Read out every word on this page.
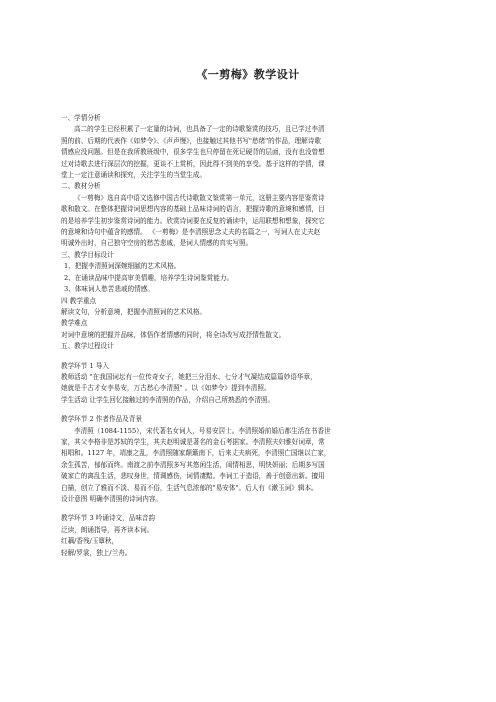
《一剪梅》教学设计

一、学情分析

高二的学生已经积累了一定量的诗词，也具备了一定的诗歌鉴赏的技巧，且已学过李清

照的前、后期的代表作《如梦令》、《声声慢》，也接触过其他书写"愁绪"的作品，理解诗歌

情感应没问题。但是在我所教班级中，很多学生也只停留在死记硬背的层面，没有也没曾想

过对诗歌去进行深层次的挖掘，更谈不上赏析，因此得不到美的享受。基于这样的学情，课

堂上一定注意诵读和探究，关注学生的当堂生成。

二、教材分析

《一剪梅》选自高中语文选修中国古代诗歌散文鉴赏第一单元，这册主要内容是鉴赏诗

歌和散文。在整体把握诗词思想内容的基础上品味诗词的语言，把握诗歌的意境和感情，目

的是培养学生初步鉴赏诗词的能力。欣赏诗词要在反复的诵读中，运用联想和想象，探究它

的意境和诗句中蕴含的感情。 《一剪梅》是李清照思念丈夫的名篇之一，写词人在丈夫赵

明诚外出时，自己独守空房的愁苦悲戚，是词人情感的真实写照。

三、教学目标设计

1、把握李清照词深婉细腻的艺术风格。

2、在诵读品味中提高审美情趣，培养学生诗词鉴赏能力。

3、体味词人愁苦悲戚的情感。

四 教学重点

解读文句，分析意境，把握李清照词的艺术风格。

教学难点

对词中意境的把握并品味，体悟作者情感的同时，将全诗改写成抒情性散文。

五、教学过程设计

教学环节 1 导入

教师活动 "在我国词坛有一位传奇女子，她把三分泪水、七分才气凝结成篇篇妙语华章，

她就是千古才女李易安，万古愁心李清照" 。以《如梦令》提到李清照。

学生活动 让学生回忆接触过的李清照的作品，介绍自己所熟悉的李清照。

教学环节 2 作者作品及背景

李清照（1084-1155），宋代著名女词人，号易安居士。李清照婚前婚后都生活在书香世

家，其父李格非是苏轼的学生，其夫赵明诚是著名的金石考据家。李清照夫妇雅好词章，常

相唱和。1127 年，靖康之乱，李清照随家颠簸南下，后来丈夫病死，李清照亡国继以亡家，

余生孤苦，郁郁而终。南渡之前李清照多写其悠闲生活，闺情相思，明快妍丽；后期多写国

破家亡的离乱生活，悲叹身世，情调感伤，词情凄黯。李词工于造语，善于创意出新。擅用

白描，创立了雅而不淡、易而不俗，生活气息浓郁的"易安体"。后人有《漱玉词》辑本。

设计意图 明确李清照的诗词内容。

教学环节 3 吟诵诗文，品味音韵

泛读，朗诵指导，再齐读本词。

红藕/香残/玉簟秋，

轻解/罗裳，独上/兰舟。
